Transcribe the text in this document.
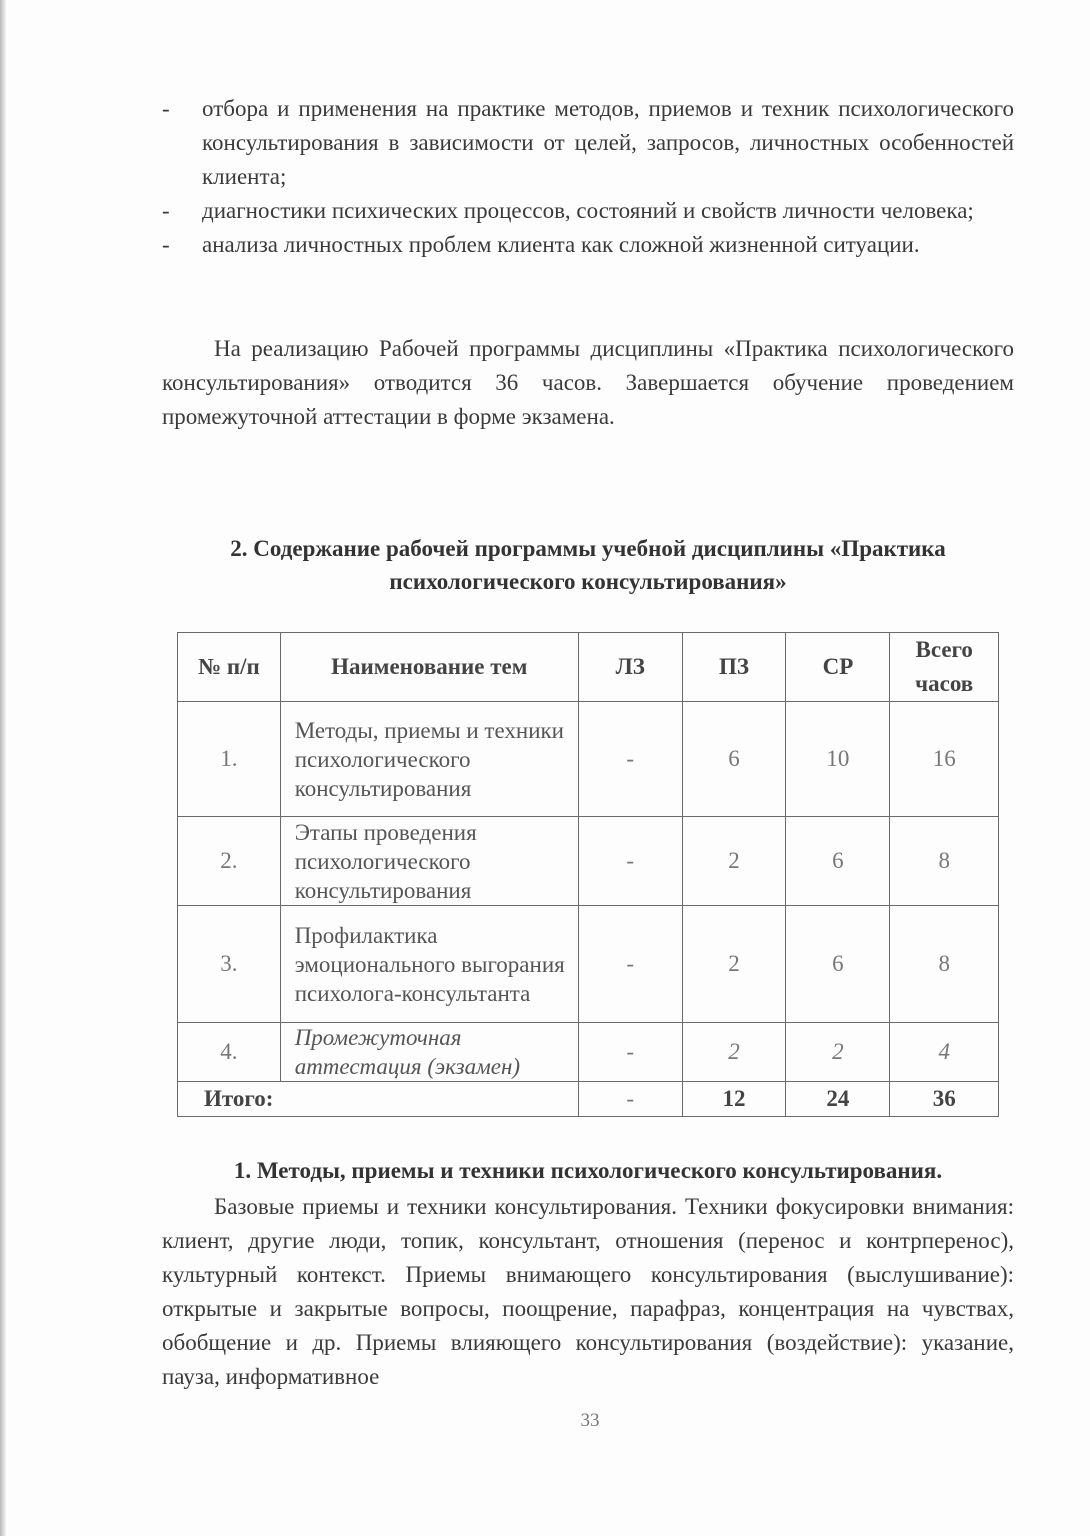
-	отбора и применения на практике методов, приемов и техник психологического консультирования в зависимости от целей, запросов, личностных особенностей клиента;
-	диагностики психических процессов, состояний и свойств личности человека;
-	анализа личностных проблем клиента как сложной жизненной ситуации.

На реализацию Рабочей программы дисциплины «Практика психологического консультирования» отводится 36 часов. Завершается обучение проведением промежуточной аттестации в форме экзамена.

2. Содержание рабочей программы учебной дисциплины «Практика
психологического консультирования»
№ п/п	Наименование тем	ЛЗ	ПЗ	СР	Всего часов
1.	Методы, приемы и техники психологического консультирования	-	6	10	16
2.	Этапы проведения психологического консультирования	-	2	6	8
3.	Профилактика эмоционального выгорания психолога-консультанта	-	2	6	8
4.	Промежуточная аттестация (экзамен)	-	2	2	4
Итого:		-	12	24	36
1. Методы, приемы и техники психологического консультирования.

Базовые приемы и техники консультирования. Техники фокусировки внимания: клиент, другие люди, топик, консультант, отношения (перенос и контрперенос), культурный контекст. Приемы внимающего консультирования (выслушивание): открытые и закрытые вопросы, поощрение, парафраз, концентрация на чувствах, обобщение и др. Приемы влияющего консультирования (воздействие): указание, пауза, информативное

33
